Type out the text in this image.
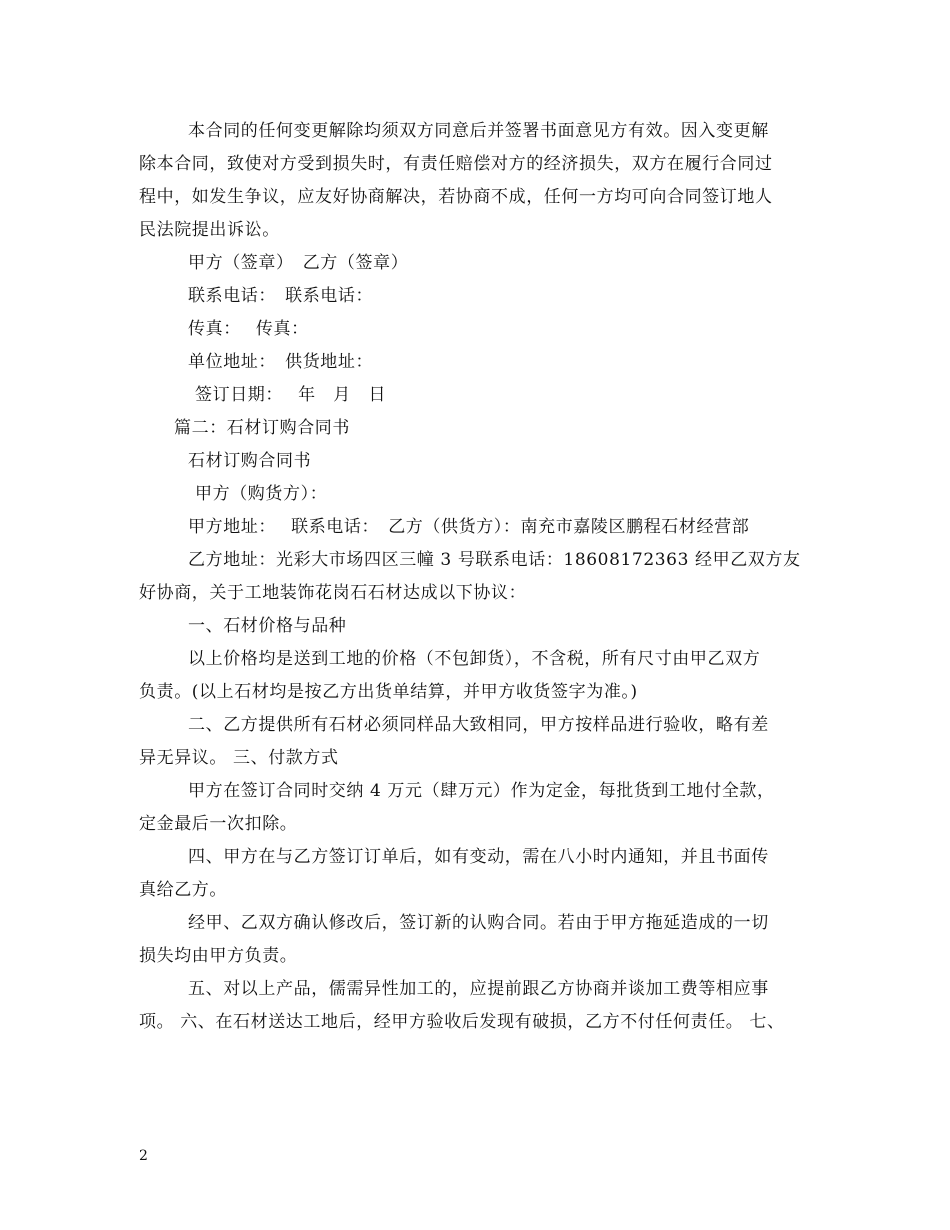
本合同的任何变更解除均须双方同意后并签署书面意见方有效。因入变更解
除本合同，致使对方受到损失时，有责任赔偿对方的经济损失，双方在履行合同过
程中，如发生争议，应友好协商解决，若协商不成，任何一方均可向合同签订地人
民法院提出诉讼。
甲方（签章）　乙方（签章）
联系电话：　联系电话：
传真：　 传真：
单位地址：　供货地址：
签订日期：　 年　月　日
篇二：石材订购合同书
石材订购合同书
甲方（购货方）：
甲方地址：　 联系电话：　乙方（供货方）：南充市嘉陵区鹏程石材经营部
乙方地址：光彩大市场四区三幢 3 号联系电话：18608172363 经甲乙双方友
好协商，关于工地装饰花岗石石材达成以下协议：
一、石材价格与品种
以上价格均是送到工地的价格（不包卸货），不含税，所有尺寸由甲乙双方
负责。(以上石材均是按乙方出货单结算，并甲方收货签字为准。)
二、乙方提供所有石材必须同样品大致相同，甲方按样品进行验收，略有差
异无异议。 三、付款方式
甲方在签订合同时交纳 4 万元（肆万元）作为定金，每批货到工地付全款，
定金最后一次扣除。
四、甲方在与乙方签订订单后，如有变动，需在八小时内通知，并且书面传
真给乙方。
经甲、乙双方确认修改后，签订新的认购合同。若由于甲方拖延造成的一切
损失均由甲方负责。
五、对以上产品，儒需异性加工的，应提前跟乙方协商并谈加工费等相应事
项。 六、在石材送达工地后，经甲方验收后发现有破损，乙方不付任何责任。 七、
2
